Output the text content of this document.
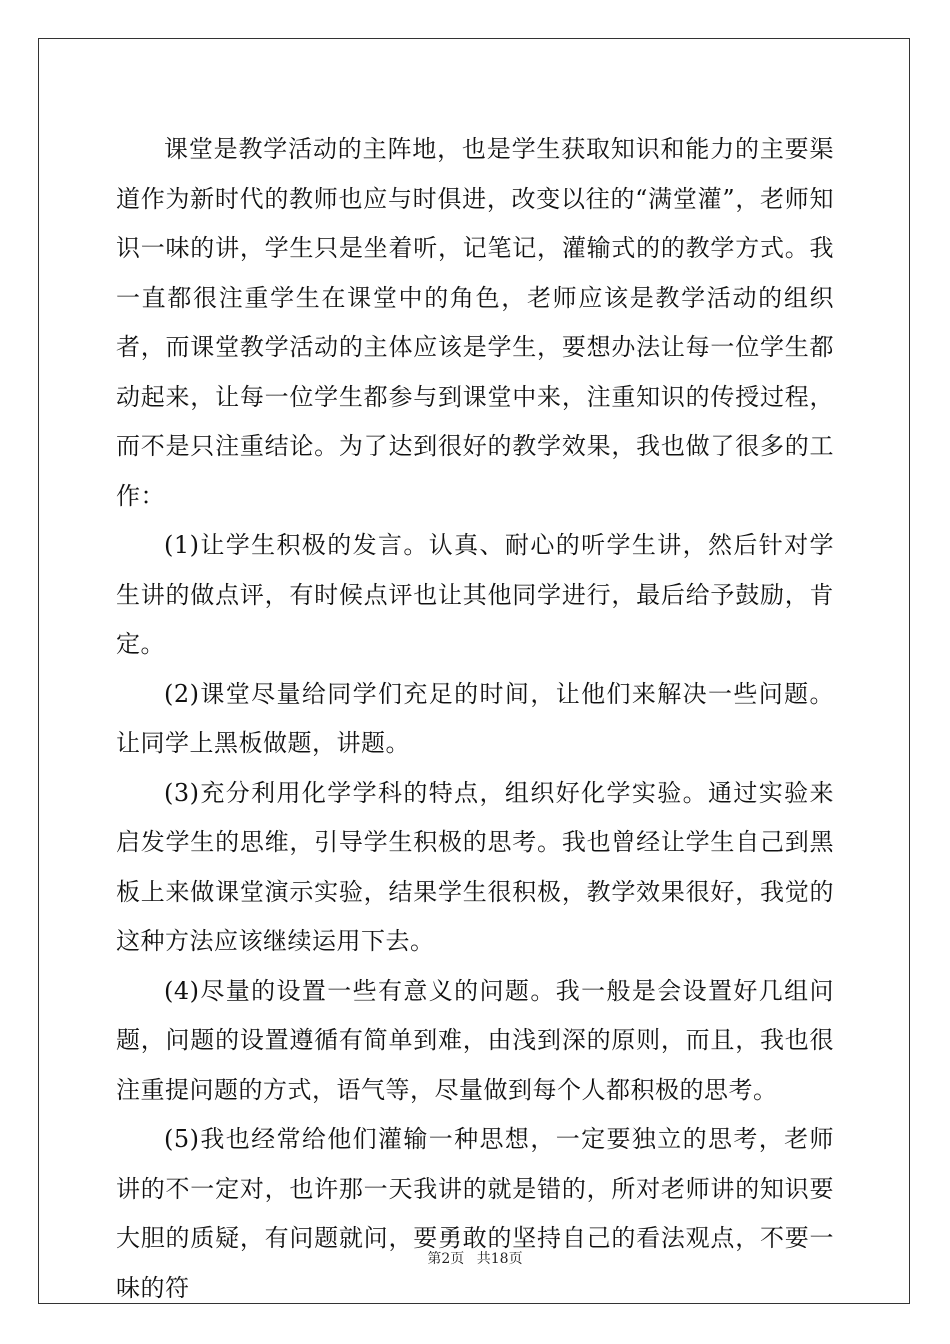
课堂是教学活动的主阵地，也是学生获取知识和能力的主要渠道作为新时代的教师也应与时俱进，改变以往的“满堂灌”，老师知识一味的讲，学生只是坐着听，记笔记，灌输式的的教学方式。我一直都很注重学生在课堂中的角色，老师应该是教学活动的组织者，而课堂教学活动的主体应该是学生，要想办法让每一位学生都动起来，让每一位学生都参与到课堂中来，注重知识的传授过程，而不是只注重结论。为了达到很好的教学效果，我也做了很多的工作：

(1)让学生积极的发言。认真、耐心的听学生讲，然后针对学生讲的做点评，有时候点评也让其他同学进行，最后给予鼓励，肯定。

(2)课堂尽量给同学们充足的时间，让他们来解决一些问题。让同学上黑板做题，讲题。

(3)充分利用化学学科的特点，组织好化学实验。通过实验来启发学生的思维，引导学生积极的思考。我也曾经让学生自己到黑板上来做课堂演示实验，结果学生很积极，教学效果很好，我觉的这种方法应该继续运用下去。

(4)尽量的设置一些有意义的问题。我一般是会设置好几组问题，问题的设置遵循有简单到难，由浅到深的原则，而且，我也很注重提问题的方式，语气等，尽量做到每个人都积极的思考。

(5)我也经常给他们灌输一种思想，一定要独立的思考，老师讲的不一定对，也许那一天我讲的就是错的，所对老师讲的知识要大胆的质疑，有问题就问，要勇敢的坚持自己的看法观点，不要一味的符

第2页 共18页
